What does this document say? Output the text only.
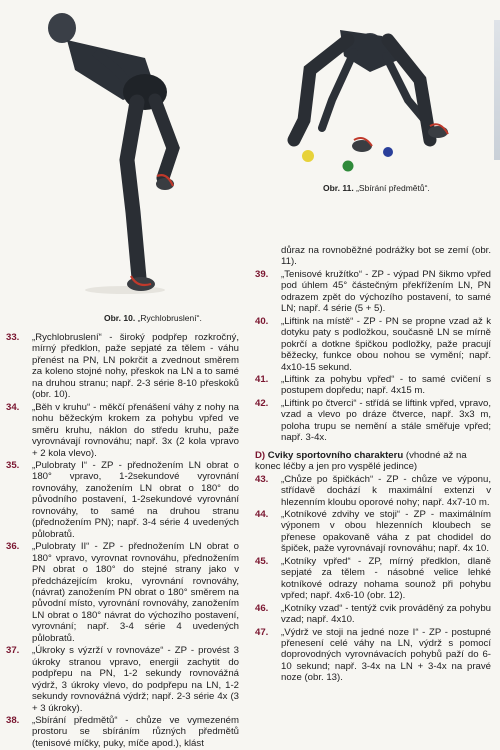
Obr. 10. „Rychlobruslení“.
Obr. 11. „Sbírání předmětů“.
33.	„Rychlobruslení“ - široký podpřep rozkročný, mírný předklon, paže sepjaté za tělem - váhu přenést na PN, LN pokrčit a zvednout směrem za koleno stojné nohy, přeskok na LN a to samé na druhou stranu; např. 2-3 série 8-10 přeskoků (obr. 10).
34.	„Běh v kruhu“ - měkčí přenášení váhy z nohy na nohu běžeckým krokem za pohybu vpřed ve směru kruhu, náklon do středu kruhu, paže vyrovnávají rovnováhu; např. 3x (2 kola vpravo + 2 kola vlevo).
35.	„Pulobraty I“ - ZP - přednožením LN obrat o 180° vpravo, 1-2sekundové vyrovnání rovnováhy, zanožením LN obrat o 180° do původního postavení, 1-2sekundové vyrovnání rovnováhy, to samé na druhou stranu (přednožením PN); např. 3-4 série 4 uvedených půlobratů.
36.	„Pulobraty II“ - ZP - přednožením LN obrat o 180° vpravo, vyrovnat rovnováhu, přednožením PN obrat o 180° do stejné strany jako v předcházejícím kroku, vyrovnání rovnováhy, (návrat) zanožením PN obrat o 180° směrem na původní místo, vyrovnání rovnováhy, zanožením LN obrat o 180° návrat do výchozího postavení, vyrovnání; např. 3-4 série 4 uvedených půlobratů.
37.	„Úkroky s výzrží v rovnováze“ - ZP - provést 3 úkroky stranou vpravo, energii zachytit do podpřepu na PN, 1-2 sekundy rovnovážná výdrž, 3 úkroky vlevo, do podpřepu na LN, 1-2 sekundy rovnovážná výdrž; např. 2-3 série 4x (3 + 3 úkroky).
38.	„Sbírání předmětů“ - chůze ve vymezeném prostoru se sbíráním různých předmětů (tenisové míčky, puky, míče apod.), klást
důraz na rovnoběžné podrážky bot se zemí (obr. 11).
39.	„Tenisové kružítko“ - ZP - výpad PN šikmo vpřed pod úhlem 45° částečným překřížením LN, PN odrazem zpět do výchozího postavení, to samé LN; např. 4 série (5 + 5).
40.	„Liftink na místě“ - ZP - PN se propne vzad až k dotyku paty s podložkou, současně LN se mírně pokrčí a dotkne špičkou podložky, paže pracují běžecky, funkce obou nohou se vymění; např. 4x10-15 sekund.
41.	„Liftink za pohybu vpřed“ - to samé cvičení s postupem dopředu; např. 4x15 m.
42.	„Liftink po čtverci“ - střídá se liftink vpřed, vpravo, vzad a vlevo po dráze čtverce, např. 3x3 m, poloha trupu se nemění a stále směřuje vpřed; např. 3-4x.
D) Cviky sportovního charakteru (vhodné až na konec léčby a jen pro vyspělé jedince)
43.	„Chůze po špičkách“ - ZP - chůze ve výponu, střídavě dochází k maximální extenzi v hlezenním kloubu oporové nohy; např. 4x7-10 m.
44.	„Kotníkové zdvihy ve stoji“ - ZP - maximálním výponem v obou hlezenních kloubech se přenese opakovaně váha z pat chodidel do špiček, paže vyrovnávají rovnováhu; např. 4x 10.
45.	„Kotníky vpřed“ - ZP, mírný předklon, dlaně sepjaté za tělem - násobné velice lehké kotníkové odrazy nohama sounož při pohybu vpřed; např. 4x6-10 (obr. 12).
46.	„Kotníky vzad“ - tentýž cvik prováděný za pohybu vzad; např. 4x10.
47.	„Výdrž ve stoji na jedné noze I“ - ZP - postupné přenesení celé váhy na LN, výdrž s pomocí doprovodných vyrovnávacích pohybů paží do 6-10 sekund; např. 3-4x na LN + 3-4x na pravé noze (obr. 13).
